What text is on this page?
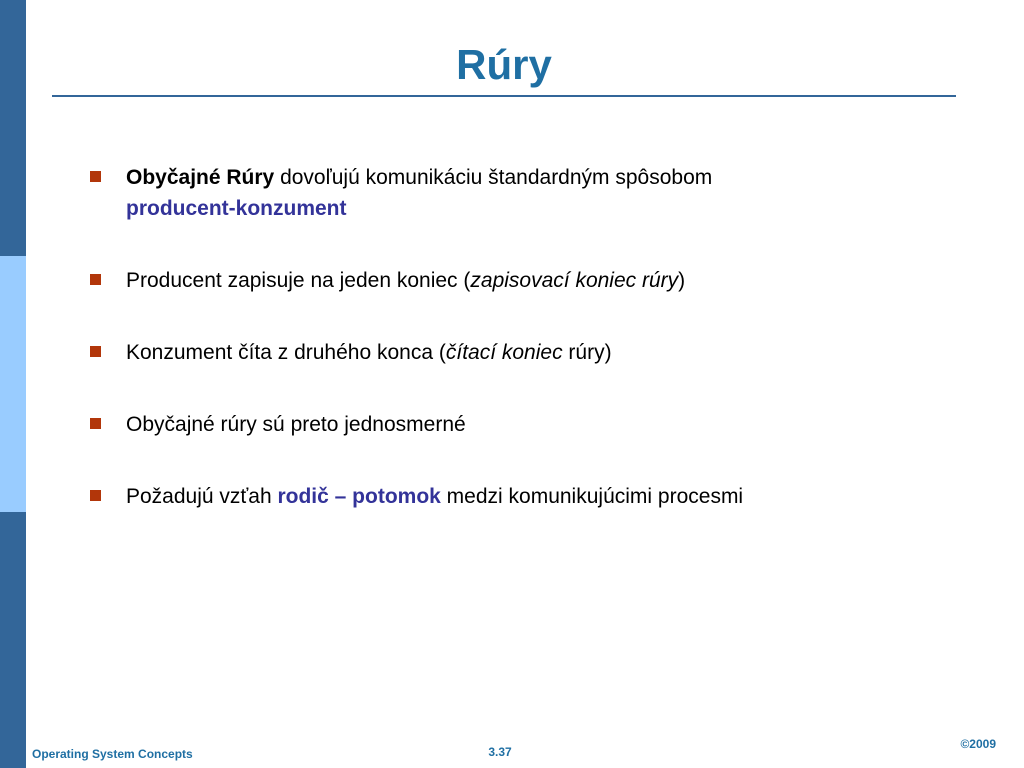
Rúry
Obyčajné Rúry dovoľujú komunikáciu štandardným spôsobom
producent-konzument
Producent zapisuje na jeden koniec (zapisovací koniec rúry)
Konzument číta z druhého konca (čítací koniec rúry)
Obyčajné rúry sú preto jednosmerné
Požadujú vzťah rodič – potomok medzi komunikujúcimi procesmi
Operating System Concepts	3.37
©2009
